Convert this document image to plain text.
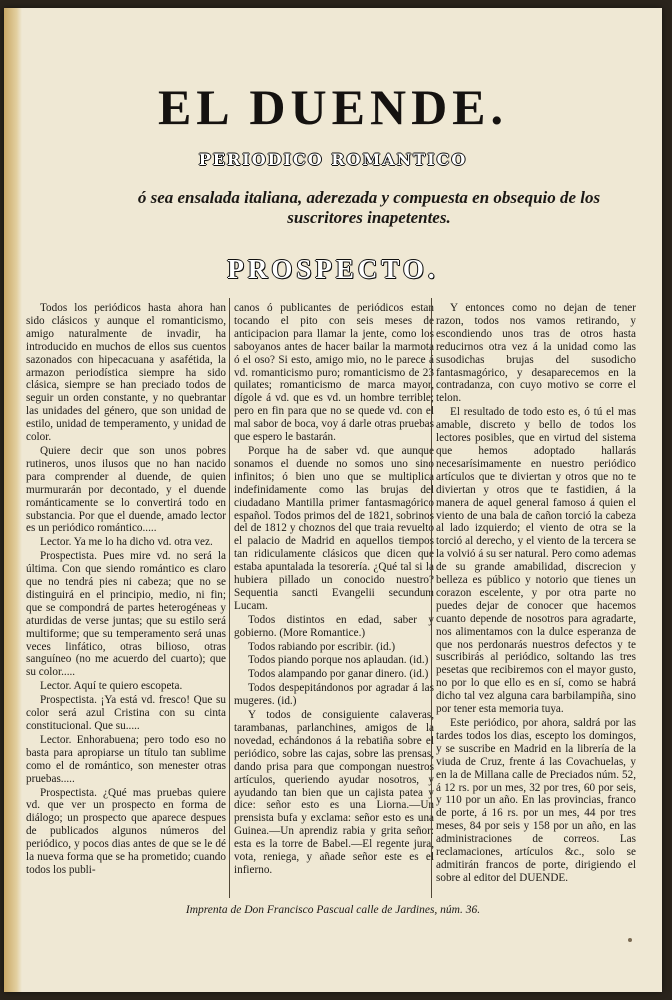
EL DUENDE.
PERIODICO ROMANTICO
ó sea ensalada italiana, aderezada y compuesta en obsequio de los suscritores inapetentes.
PROSPECTO.

Todos los periódicos hasta ahora han sido clásicos y aunque el romanticismo, amigo naturalmente de invadir, ha introducido en muchos de ellos sus cuentos sazonados con hipecacuana y asafétida, la armazon periodística siempre ha sido clásica, siempre se han preciado todos de seguir un orden constante, y no quebrantar las unidades del género, que son unidad de estilo, unidad de temperamento, y unidad de color.

Quiere decir que son unos pobres rutineros, unos ilusos que no han nacido para comprender al duende, de quien murmurarán por decontado, y el duende románticamente se lo convertirá todo en substancia. Por que el duende, amado lector es un periódico romántico.....

Lector. Ya me lo ha dicho vd. otra vez.

Prospectista. Pues mire vd. no será la última. Con que siendo romántico es claro que no tendrá pies ni cabeza; que no se distinguirá en el principio, medio, ni fin; que se compondrá de partes heterogéneas y aturdidas de verse juntas; que su estilo será multiforme; que su temperamento será unas veces linfático, otras bilioso, otras sanguíneo (no me acuerdo del cuarto); que su color.....

Lector. Aquí te quiero escopeta.

Prospectista. ¡Ya está vd. fresco! Que su color será azul Cristina con su cinta constitucional. Que su.....

Lector. Enhorabuena; pero todo eso no basta para apropiarse un título tan sublime como el de romántico, son menester otras pruebas.....

Prospectista. ¿Qué mas pruebas quiere vd. que ver un prospecto en forma de diálogo; un prospecto que aparece despues de publicados algunos números del periódico, y pocos dias antes de que se le dé la nueva forma que se ha prometido; cuando todos los publi-

canos ó publicantes de periódicos estan tocando el pito con seis meses de anticipacion para llamar la jente, como los saboyanos antes de hacer bailar la marmota ó el oso? Si esto, amigo mio, no le parece á vd. romanticismo puro; romanticismo de 23 quilates; romanticismo de marca mayor, dígole á vd. que es vd. un hombre terrible; pero en fin para que no se quede vd. con el mal sabor de boca, voy á darle otras pruebas que espero le bastarán.

Porque ha de saber vd. que aunque sonamos el duende no somos uno sino infinitos; ó bien uno que se multiplica indefinidamente como las brujas del ciudadano Mantilla primer fantasmagórico español. Todos primos del de 1821, sobrinos del de 1812 y choznos del que traia revuelto el palacio de Madrid en aquellos tiempos tan ridiculamente clásicos que dicen que estaba apuntalada la tesorería. ¿Qué tal si la hubiera pillado un conocido nuestro? Sequentia sancti Evangelii secundum Lucam.

Todos distintos en edad, saber y gobierno. (More Romantice.)

Todos rabiando por escribir. (id.)

Todos piando porque nos aplaudan. (id.)

Todos alampando por ganar dinero. (id.)

Todos despepitándonos por agradar á las mugeres. (id.)

Y todos de consiguiente calaveras, tarambanas, parlanchines, amigos de la novedad, echándonos á la rebatiña sobre el periódico, sobre las cajas, sobre las prensas, dando prisa para que compongan nuestros artículos, queriendo ayudar nosotros, y ayudando tan bien que un cajista patea y dice: señor esto es una Liorna.—Un prensista bufa y exclama: señor esto es una Guinea.—Un aprendiz rabia y grita señor: esta es la torre de Babel.—El regente jura, vota, reniega, y añade señor este es el infierno.

Y entonces como no dejan de tener razon, todos nos vamos retirando, y escondiendo unos tras de otros hasta reducirnos otra vez á la unidad como las susodichas brujas del susodicho fantasmagórico, y desaparecemos en la contradanza, con cuyo motivo se corre el telon.

El resultado de todo esto es, ó tú el mas amable, discreto y bello de todos los lectores posibles, que en virtud del sistema que hemos adoptado hallarás necesarísimamente en nuestro periódico artículos que te diviertan y otros que no te diviertan y otros que te fastidien, á la manera de aquel general famoso á quien el viento de una bala de cañon torció la cabeza al lado izquierdo; el viento de otra se la torció al derecho, y el viento de la tercera se la volvió á su ser natural. Pero como ademas de su grande amabilidad, discrecion y belleza es público y notorio que tienes un corazon escelente, y por otra parte no puedes dejar de conocer que hacemos cuanto depende de nosotros para agradarte, nos alimentamos con la dulce esperanza de que nos perdonarás nuestros defectos y te suscribirás al periódico, soltando las tres pesetas que recibiremos con el mayor gusto, no por lo que ello es en sí, como se habrá dicho tal vez alguna cara barbilampiña, sino por tener esta memoria tuya.

Este periódico, por ahora, saldrá por las tardes todos los dias, escepto los domingos, y se suscribe en Madrid en la librería de la viuda de Cruz, frente á las Covachuelas, y en la de Millana calle de Preciados núm. 52, á 12 rs. por un mes, 32 por tres, 60 por seis, y 110 por un año. En las provincias, franco de porte, á 16 rs. por un mes, 44 por tres meses, 84 por seis y 158 por un año, en las administraciones de correos. Las reclamaciones, artículos &c., solo se admitirán francos de porte, dirigiendo el sobre al editor del DUENDE.

Imprenta de Don Francisco Pascual calle de Jardines, núm. 36.
